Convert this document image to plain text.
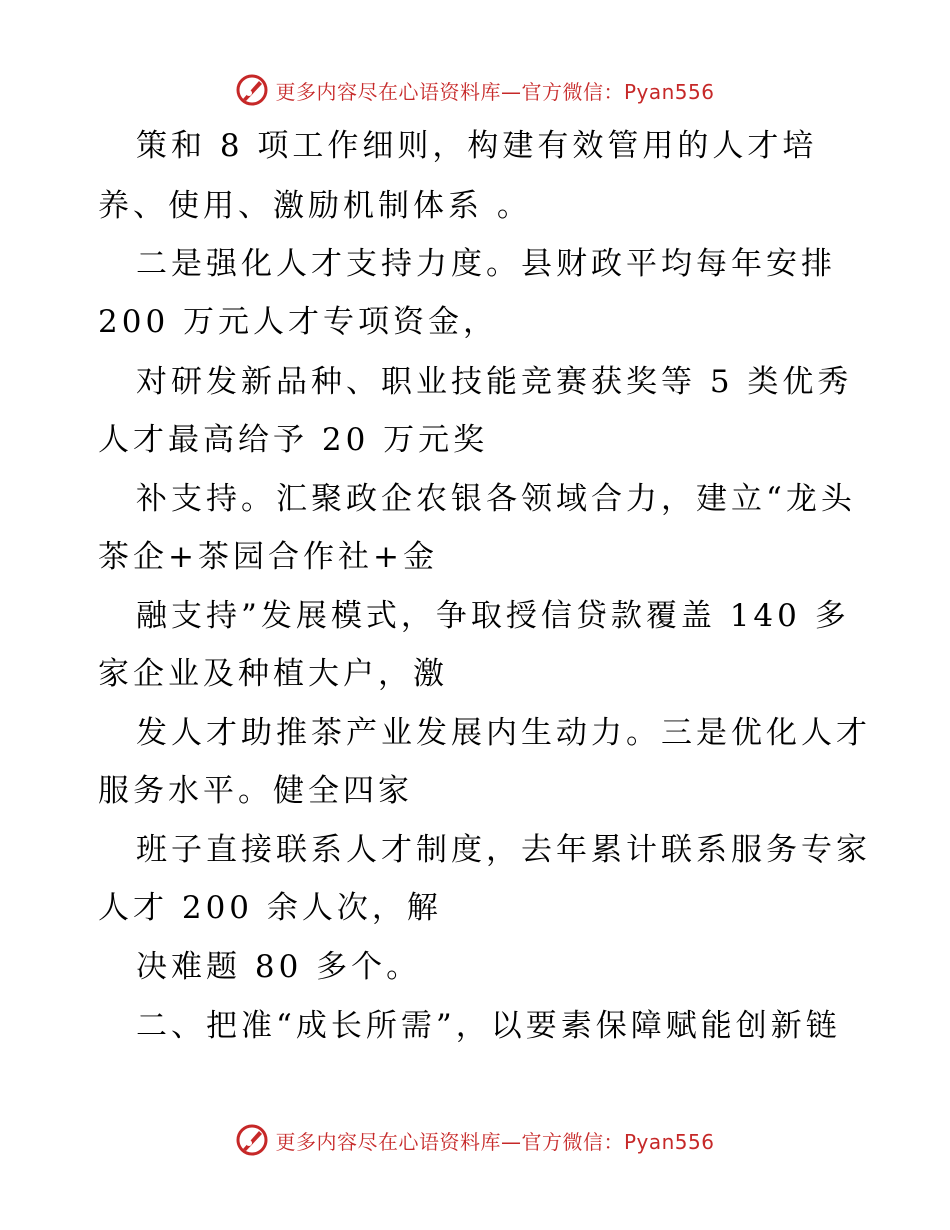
更多内容尽在心语资料库—官方微信：Pyan556
策和 8 项工作细则，构建有效管用的人才培
养、使用、激励机制体系 。
二是强化人才支持力度。县财政平均每年安排
200 万元人才专项资金，
对研发新品种、职业技能竞赛获奖等 5 类优秀
人才最高给予 20 万元奖
补支持。汇聚政企农银各领域合力，建立“龙头
茶企+茶园合作社+金
融支持”发展模式，争取授信贷款覆盖 140 多
家企业及种植大户，激
发人才助推茶产业发展内生动力。三是优化人才
服务水平。健全四家
班子直接联系人才制度，去年累计联系服务专家
人才 200 余人次，解
决难题 80 多个。
二、把准“成长所需”，以要素保障赋能创新链
更多内容尽在心语资料库—官方微信：Pyan556
